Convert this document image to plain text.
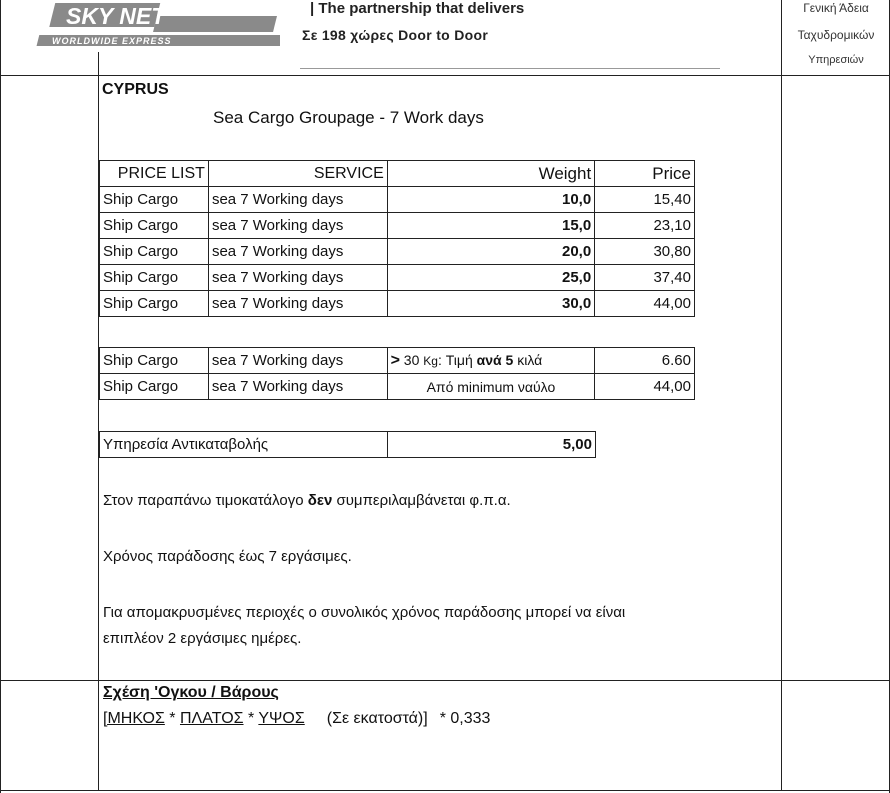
SKY NET
WORLDWIDE EXPRESS
| The partnership that delivers
Σε 198 χώρες Door to Door
Γενική Άδεια
Ταχυδρομικών
Υπηρεσιών
CYPRUS
Sea Cargo Groupage - 7 Work days
PRICE LIST	SERVICE	Weight	Price
Ship Cargo	sea 7 Working days	10,0	15,40
Ship Cargo	sea 7 Working days	15,0	23,10
Ship Cargo	sea 7 Working days	20,0	30,80
Ship Cargo	sea 7 Working days	25,0	37,40
Ship Cargo	sea 7 Working days	30,0	44,00
Ship Cargo	sea 7 Working days	> 30 Kg: Τιμή ανά 5 κιλά	6.60
Ship Cargo	sea 7 Working days	Από minimum ναύλο	44,00
Υπηρεσία Αντικαταβολής	5,00
Στον παραπάνω τιμοκατάλογο δεν συμπεριλαμβάνεται φ.π.α.
Χρόνος παράδοσης έως 7 εργάσιμες.
Για απομακρυσμένες περιοχές ο συνολικός χρόνος παράδοσης μπορεί να είναι
επιπλέον 2 εργάσιμες ημέρες.
Σχέση 'Ογκου / Βάρους
[ΜΗΚΟΣ * ΠΛΑΤΟΣ * ΥΨΟΣ (Σε εκατοστά)] * 0,333
